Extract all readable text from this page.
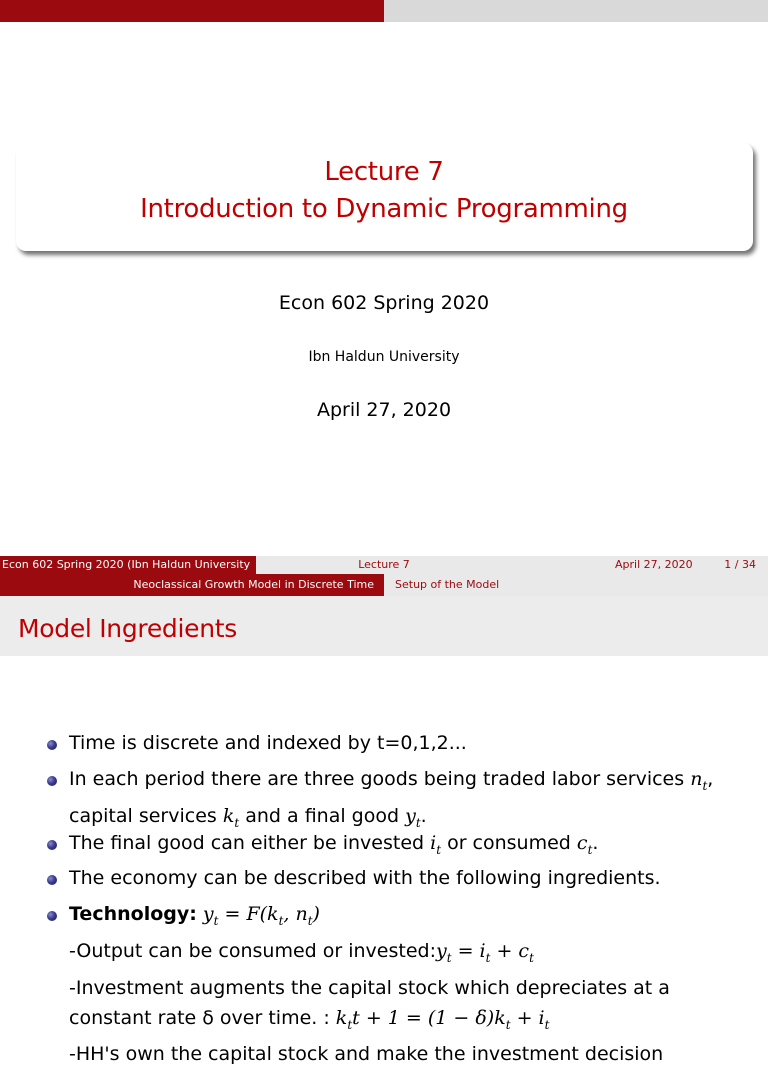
Lecture 7
Introduction to Dynamic Programming
Econ 602 Spring 2020
Ibn Haldun University
April 27, 2020
Econ 602 Spring 2020 (Ibn Haldun University	Lecture 7	April 27, 2020	1 / 34
Neoclassical Growth Model in Discrete Time	Setup of the Model
Model Ingredients
Time is discrete and indexed by t=0,1,2...
In each period there are three goods being traded labor services $n_t$,
capital services $k_t$ and a final good $y_t$.
The final good can either be invested $i_t$ or consumed $c_t$.
The economy can be described with the following ingredients.
Technology: $y_t = F(k_t$, $n_t$)
-Output can be consumed or $invested:y_t = i_t + c_t$
-Investment augments the capital stock which depreciates at a
constant rate δ over time. : $k_tt + 1 = (1 - \delta)k_t + i_t$
-HH's own the capital stock and make the investment decision
